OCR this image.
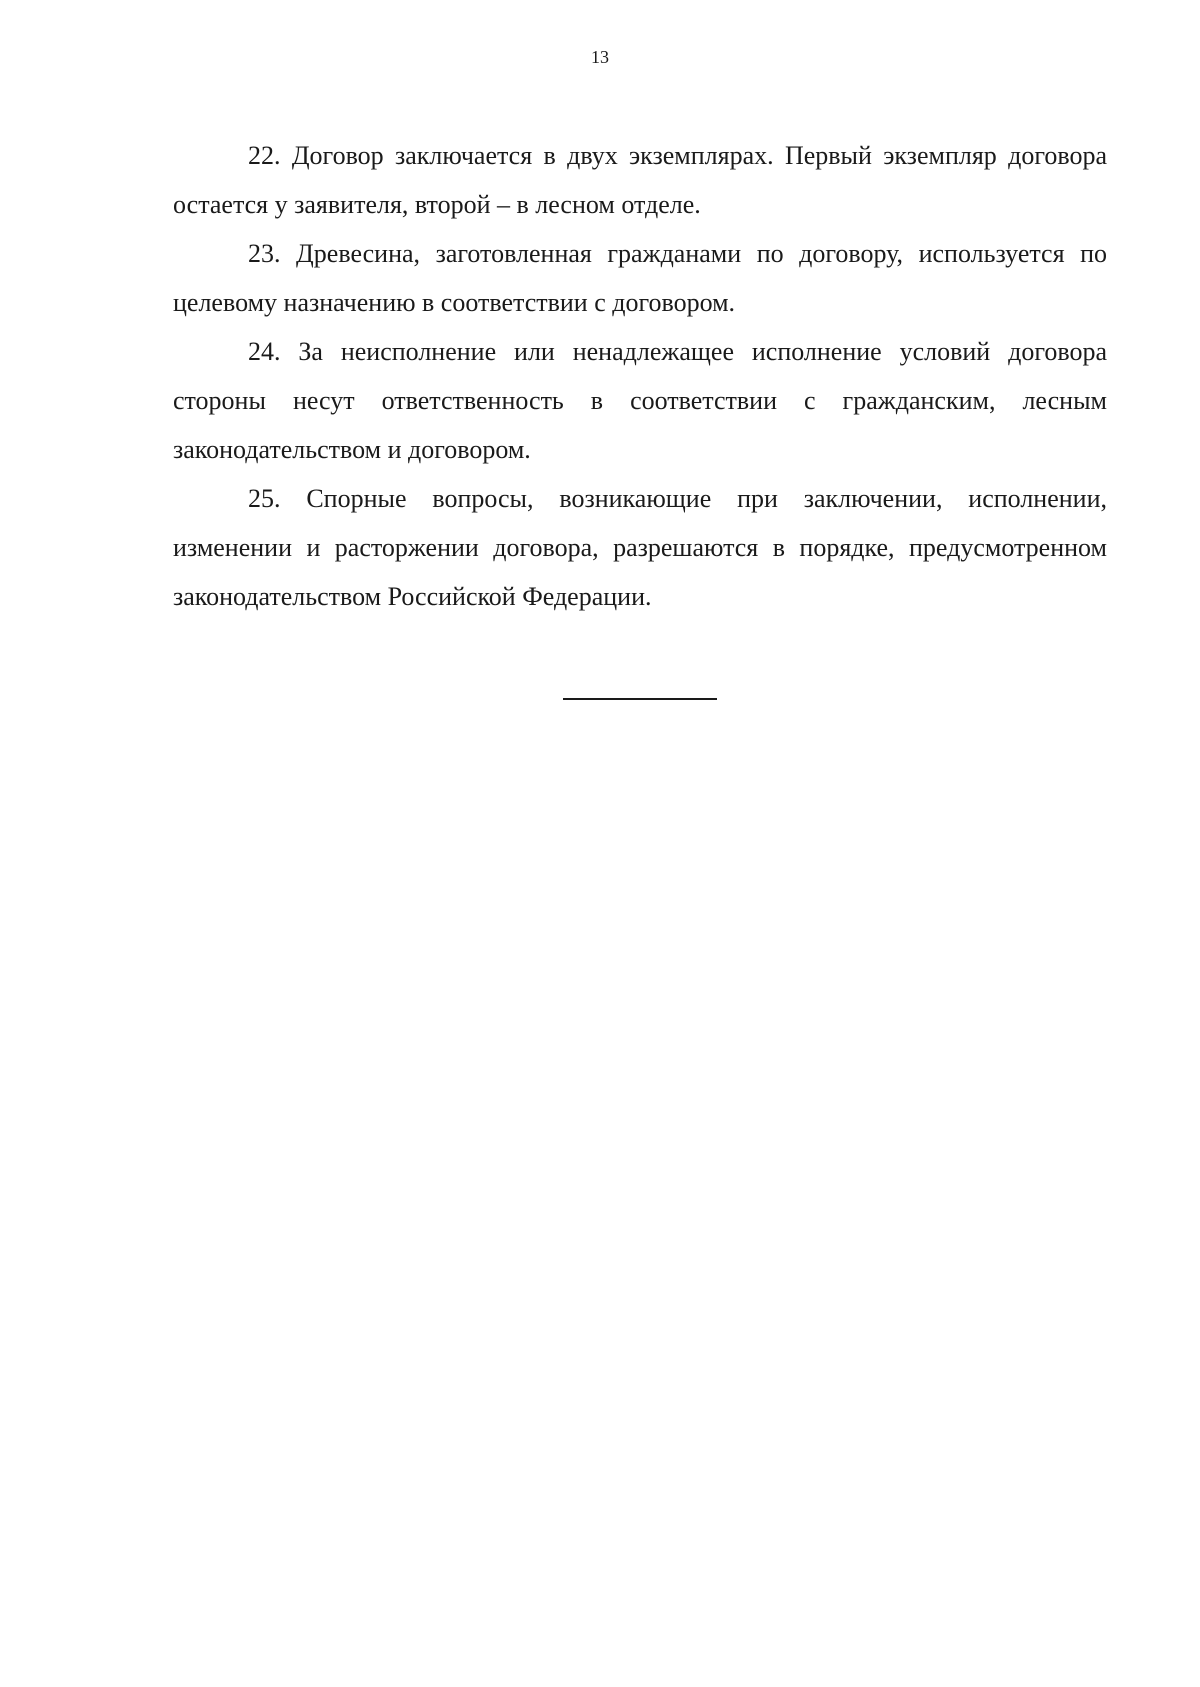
13

22. Договор заключается в двух экземплярах. Первый экземпляр договора остается у заявителя, второй – в лесном отделе.

23. Древесина, заготовленная гражданами по договору, используется по целевому назначению в соответствии с договором.

24. За неисполнение или ненадлежащее исполнение условий договора стороны несут ответственность в соответствии с гражданским, лесным законодательством и договором.

25. Спорные вопросы, возникающие при заключении, исполнении, изменении и расторжении договора, разрешаются в порядке, предусмотренном законодательством Российской Федерации.
